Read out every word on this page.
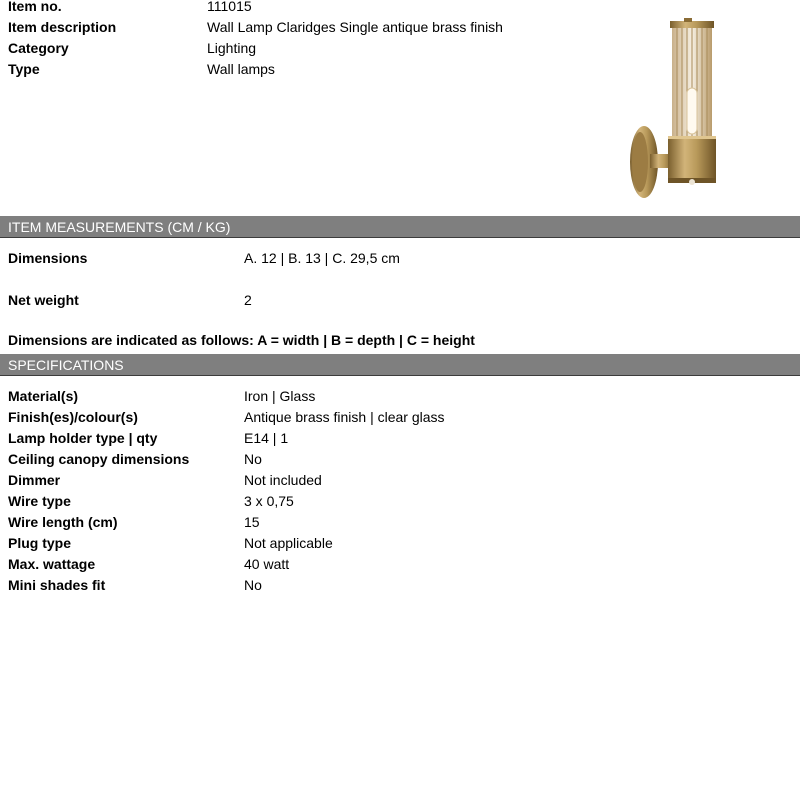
Item no.	111015
Item description	Wall Lamp Claridges Single antique brass finish
Category	Lighting
Type	Wall lamps
ITEM MEASUREMENTS (CM / KG)
Dimensions	A. 12 | B. 13 | C. 29,5 cm
Net weight	2
Dimensions are indicated as follows: A = width | B = depth | C = height
SPECIFICATIONS
Material(s)	Iron | Glass
Finish(es)/colour(s)	Antique brass finish | clear glass
Lamp holder type | qty	E14 | 1
Ceiling canopy dimensions	No
Dimmer	Not included
Wire type	3 x 0,75
Wire length (cm)	15
Plug type	Not applicable
Max. wattage	40 watt
Mini shades fit	No
